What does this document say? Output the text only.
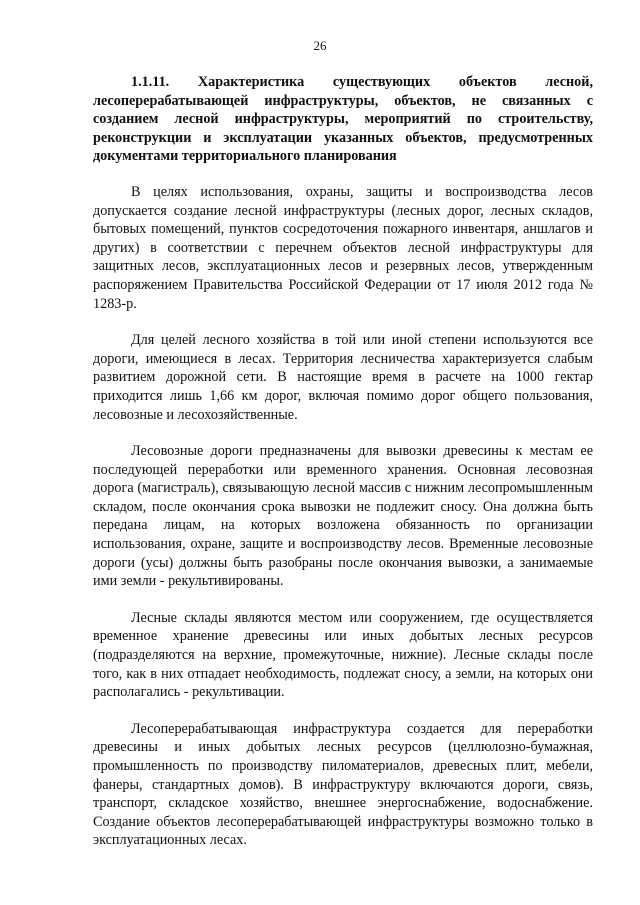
26

1.1.11. Характеристика существующих объектов лесной, лесоперерабатывающей инфраструктуры, объектов, не связанных с созданием лесной инфраструктуры, мероприятий по строительству, реконструкции и эксплуатации указанных объектов, предусмотренных документами территориального планирования

В целях использования, охраны, защиты и воспроизводства лесов допускается создание лесной инфраструктуры (лесных дорог, лесных складов, бытовых помещений, пунктов сосредоточения пожарного инвентаря, аншлагов и других) в соответствии с перечнем объектов лесной инфраструктуры для защитных лесов, эксплуатационных лесов и резервных лесов, утвержденным распоряжением Правительства Российской Федерации от 17 июля 2012 года № 1283-р.

Для целей лесного хозяйства в той или иной степени используются все дороги, имеющиеся в лесах. Территория лесничества характеризуется слабым развитием дорожной сети. В настоящие время в расчете на 1000 гектар приходится лишь 1,66 км дорог, включая помимо дорог общего пользования, лесовозные и лесохозяйственные.

Лесовозные дороги предназначены для вывозки древесины к местам ее последующей переработки или временного хранения. Основная лесовозная дорога (магистраль), связывающую лесной массив с нижним лесопромышленным складом, после окончания срока вывозки не подлежит сносу. Она должна быть передана лицам, на которых возложена обязанность по организации использования, охране, защите и воспроизводству лесов. Временные лесовозные дороги (усы) должны быть разобраны после окончания вывозки, а занимаемые ими земли - рекультивированы.

Лесные склады являются местом или сооружением, где осуществляется временное хранение древесины или иных добытых лесных ресурсов (подразделяются на верхние, промежуточные, нижние). Лесные склады после того, как в них отпадает необходимость, подлежат сносу, а земли, на которых они располагались - рекультивации.

Лесоперерабатывающая инфраструктура создается для переработки древесины и иных добытых лесных ресурсов (целлюлозно-бумажная, промышленность по производству пиломатериалов, древесных плит, мебели, фанеры, стандартных домов). В инфраструктуру включаются дороги, связь, транспорт, складское хозяйство, внешнее энергоснабжение, водоснабжение. Создание объектов лесоперерабатывающей инфраструктуры возможно только в эксплуатационных лесах.
